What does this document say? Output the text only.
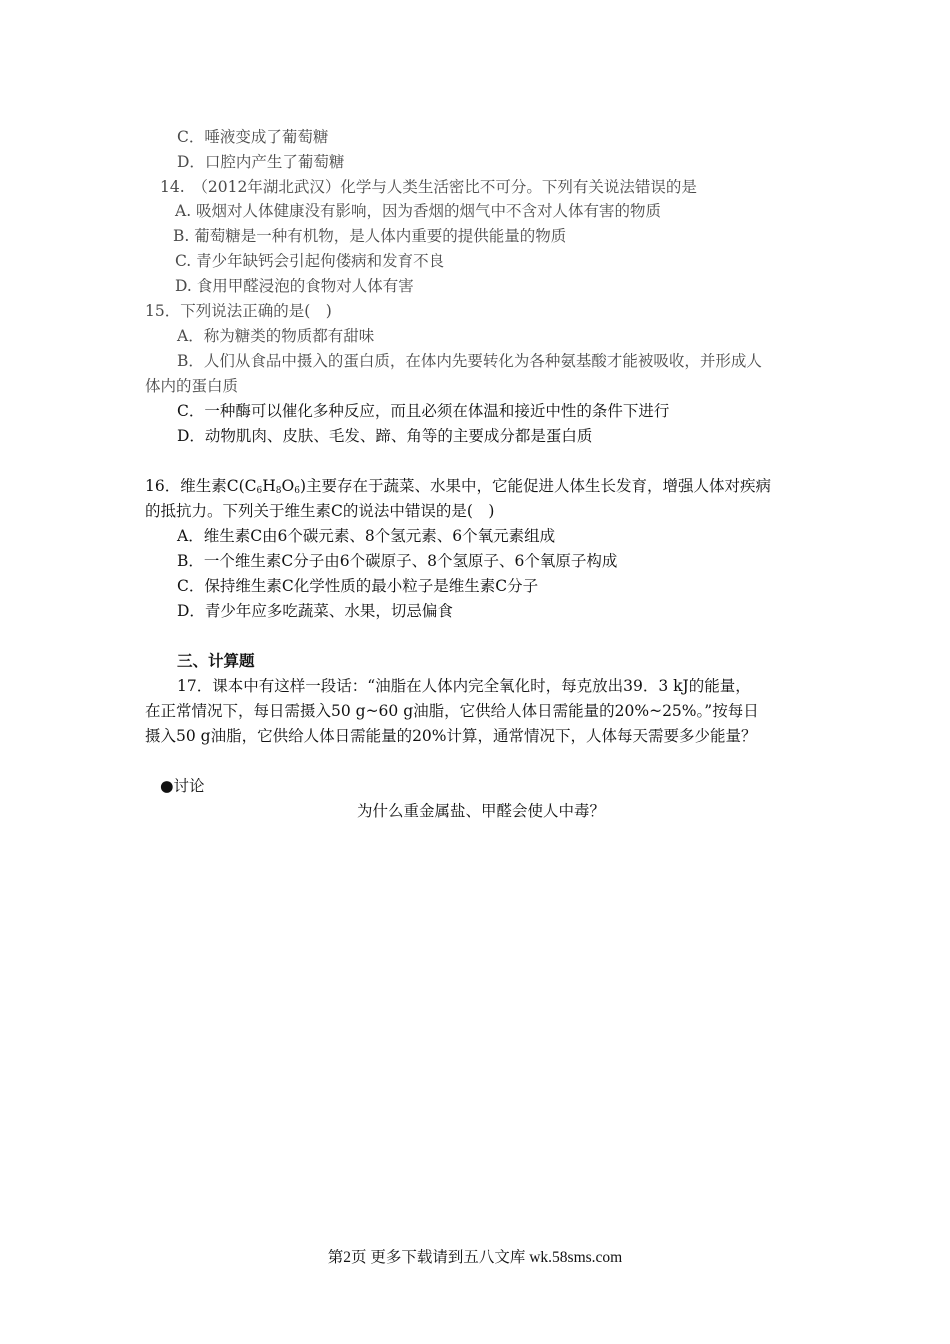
C．唾液变成了葡萄糖
D．口腔内产生了葡萄糖
14.　（2012年湖北武汉）化学与人类生活密比不可分。下列有关说法错误的是
A. 吸烟对人体健康没有影响，因为香烟的烟气中不含对人体有害的物质
B. 葡萄糖是一种有机物，是人体内重要的提供能量的物质
C. 青少年缺钙会引起佝偻病和发育不良
D. 食用甲醛浸泡的食物对人体有害
15．下列说法正确的是(　)
A．称为糖类的物质都有甜味
B．人们从食品中摄入的蛋白质，在体内先要转化为各种氨基酸才能被吸收，并形成人
体内的蛋白质
C．一种酶可以催化多种反应，而且必须在体温和接近中性的条件下进行
D．动物肌肉、皮肤、毛发、蹄、角等的主要成分都是蛋白质
16．维生素$C(C_6H_8O_6)$主要存在于蔬菜、水果中，它能促进人体生长发育，增强人体对疾病
的抵抗力。下列关于维生素C的说法中错误的是(　)
A．维生素C由6个碳元素、8个氢元素、6个氧元素组成
B．一个维生素C分子由6个碳原子、8个氢原子、6个氧原子构成
C．保持维生素C化学性质的最小粒子是维生素C分子
D．青少年应多吃蔬菜、水果，切忌偏食
三、计算题
17．课本中有这样一段话：“油脂在人体内完全氧化时，每克放出39．3 kJ的能量，
在正常情况下，每日需摄入50 g~60 g油脂，它供给人体日需能量的20%~25%。”按每日
摄入50 g油脂，它供给人体日需能量的20%计算，通常情况下，人体每天需要多少能量？
●讨论
为什么重金属盐、甲醛会使人中毒？
第2页 更多下载请到五八文库 wk.58sms.com
